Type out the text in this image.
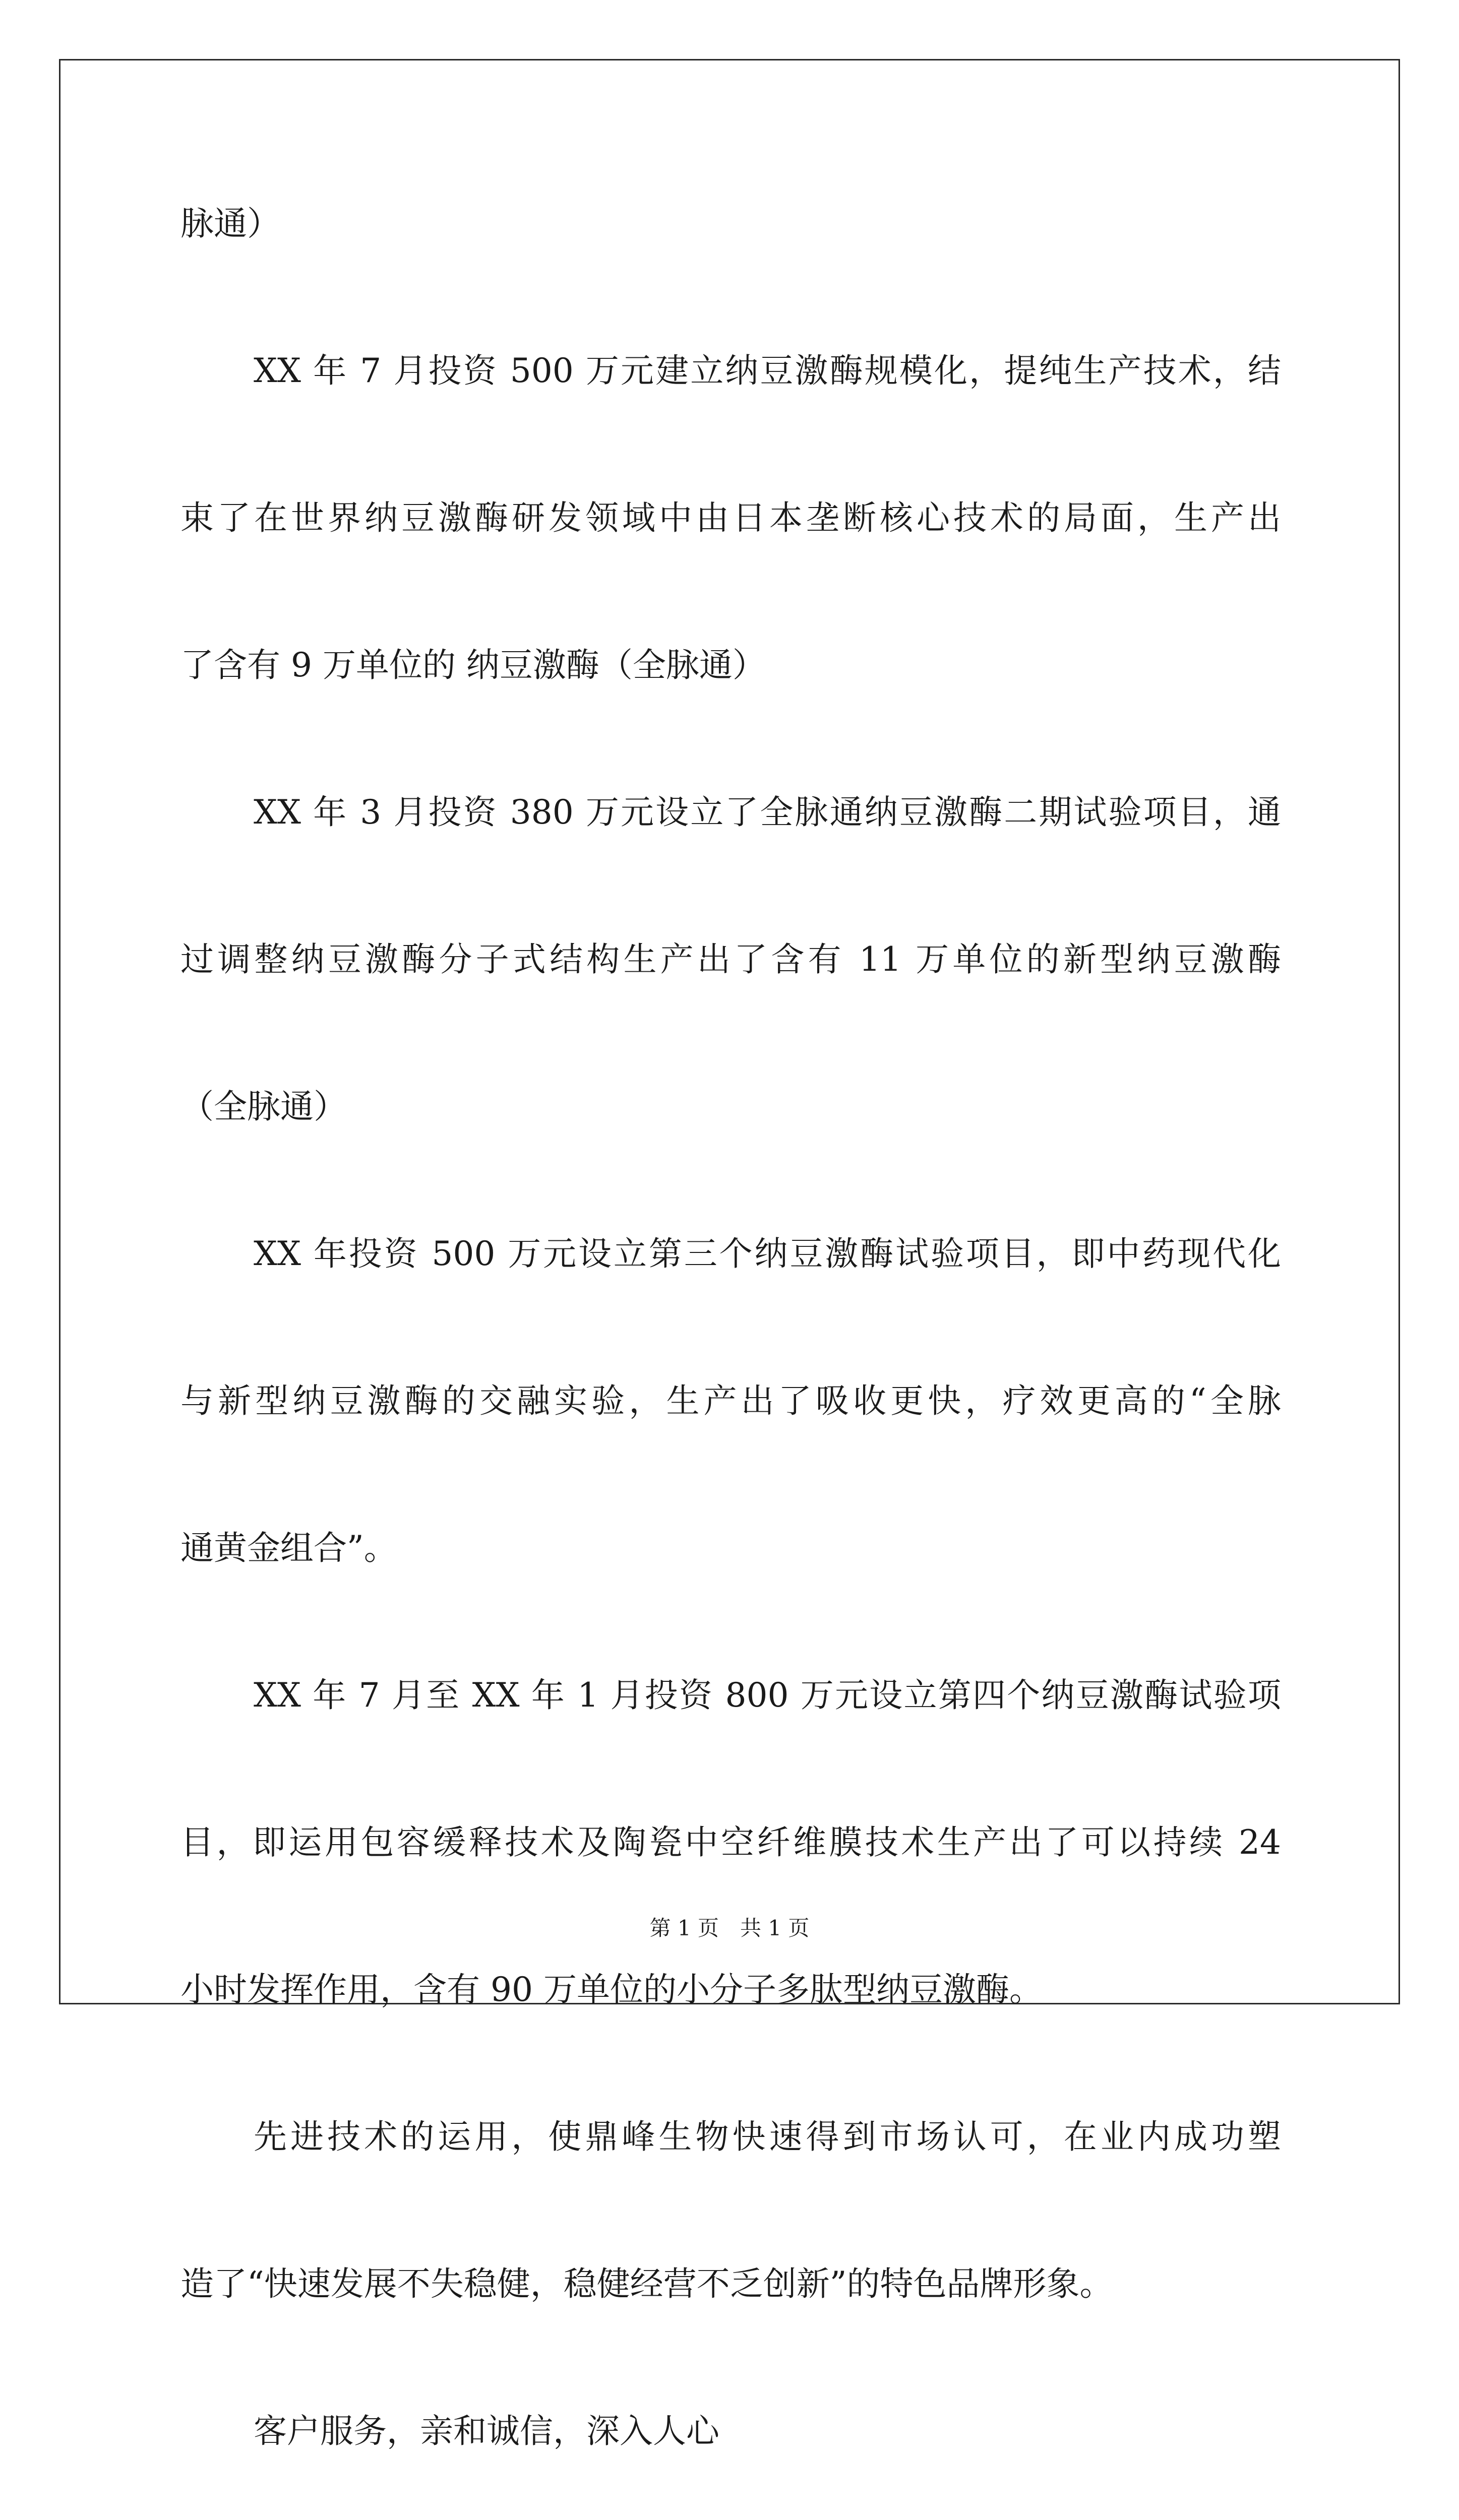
脉通）
XX 年 7 月投资 500 万元建立纳豆激酶规模化，提纯生产技术，结
束了在世界纳豆激酶研发领域中由日本垄断核心技术的局面，生产出
了含有 9 万单位的 纳豆激酶（全脉通）
XX 年 3 月投资 380 万元设立了全脉通纳豆激酶二期试验项目，通
过调整纳豆激酶分子式结构生产出了含有 11 万单位的新型纳豆激酶
（全脉通）
XX 年投资 500 万元设立第三个纳豆激酶试验项目，即中药现代化
与新型纳豆激酶的交融实验，生产出了吸收更快，疗效更高的“全脉
通黄金组合”。
XX 年 7 月至 XX 年 1 月投资 800 万元设立第四个纳豆激酶试验项
目，即运用包容缓释技术及陶瓷中空纤维膜技术生产出了可以持续 24
小时发挥作用，含有 90 万单位的小分子多肽型纳豆激酶。
先进技术的运用，使鼎峰生物快速得到市场认可，在业内成功塑
造了“快速发展不失稳健，稳健经营不乏创新”的特色品牌形象。
客户服务，亲和诚信，深入人心
第 1 页　共 1 页
